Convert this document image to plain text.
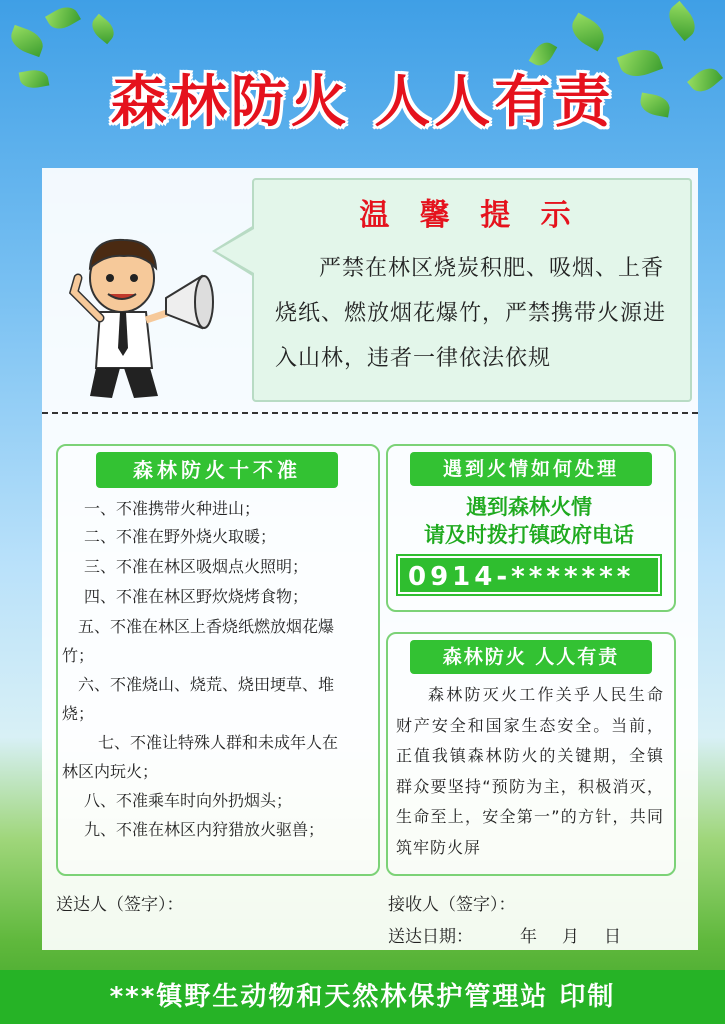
森林防火 人人有责
温 馨 提 示
严禁在林区烧炭积肥、吸烟、上香烧纸、燃放烟花爆竹，严禁携带火源进入山林，违者一律依法依规
森林防火十不准
一、不准携带火种进山；
二、不准在野外烧火取暖；
三、不准在林区吸烟点火照明；
四、不准在林区野炊烧烤食物；
五、不准在林区上香烧纸燃放烟花爆
竹；
六、不准烧山、烧荒、烧田埂草、堆
烧；
七、不准让特殊人群和未成年人在
林区内玩火；
八、不准乘车时向外扔烟头；
九、不准在林区内狩猎放火驱兽；
遇到火情如何处理
遇到森林火情
请及时拨打镇政府电话
0914-*******
森林防火 人人有责
森林防灭火工作关乎人民生命财产安全和国家生态安全。当前，正值我镇森林防火的关键期，全镇群众要坚持“预防为主，积极消灭，生命至上，安全第一”的方针，共同筑牢防火屏
送达人（签字）：	接收人（签字）：
送达日期：	年 月 日
***镇野生动物和天然林保护管理站 印制
